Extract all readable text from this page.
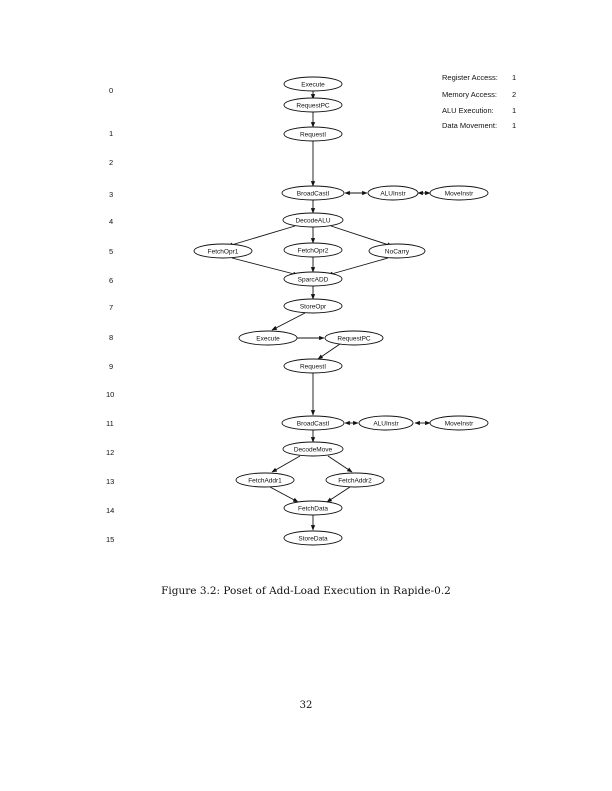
0
1
2
3
4
5
6
7
8
9
10
11
12
13
14
15
Register Access: 1
Memory Access: 2
ALU Execution: 1
Data Movement: 1
Execute
RequestPC
RequestI
BroadCastI	ALUInstr	MoveInstr
DecodeALU
FetchOpr1	FetchOpr2	NoCarry
SparcADD
StoreOpr
Execute	RequestPC
RequestI
BroadCastI	ALUInstr	MoveInstr
DecodeMove
FetchAddr1	FetchAddr2
FetchData
StoreData
Figure 3.2: Poset of Add-Load Execution in Rapide-0.2
32
